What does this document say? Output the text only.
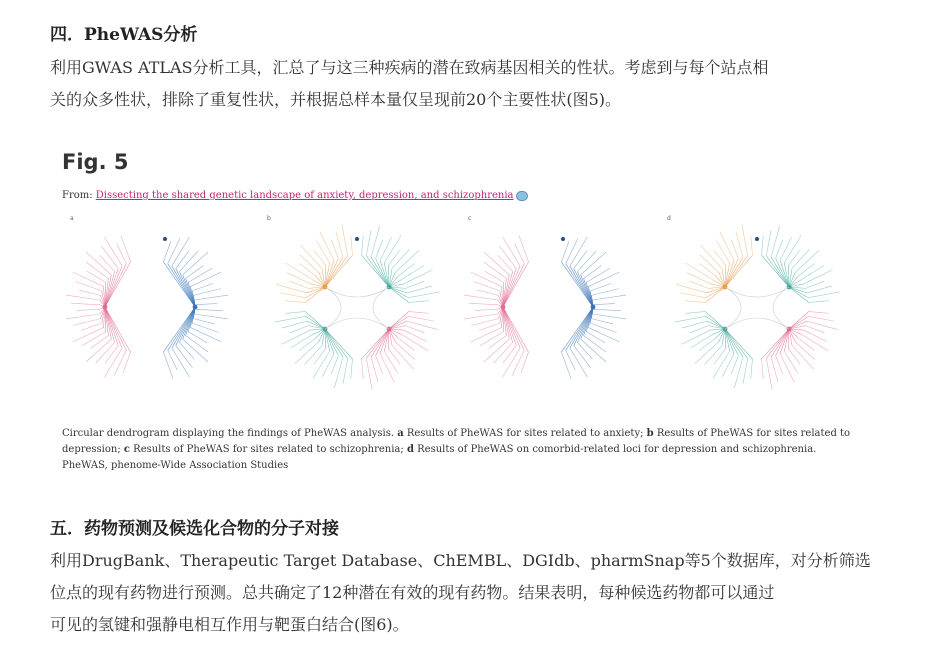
四．PheWAS分析
利用GWAS ATLAS分析工具，汇总了与这三种疾病的潜在致病基因相关的性状。考虑到与每个站点相
关的众多性状，排除了重复性状，并根据总样本量仅呈现前20个主要性状(图5)。
Fig. 5
From: Dissecting the shared genetic landscape of anxiety, depression, and schizophrenia
a	b	c	d
Circular dendrogram displaying the findings of PheWAS analysis. a Results of PheWAS for sites related to anxiety; b Results of PheWAS for sites related to
depression; c Results of PheWAS for sites related to schizophrenia; d Results of PheWAS on comorbid-related loci for depression and schizophrenia.
PheWAS, phenome-Wide Association Studies
五．药物预测及候选化合物的分子对接
利用DrugBank、Therapeutic Target Database、ChEMBL、DGIdb、pharmSnap等5个数据库，对分析筛选
位点的现有药物进行预测。总共确定了12种潜在有效的现有药物。结果表明，每种候选药物都可以通过
可见的氢键和强静电相互作用与靶蛋白结合(图6)。
